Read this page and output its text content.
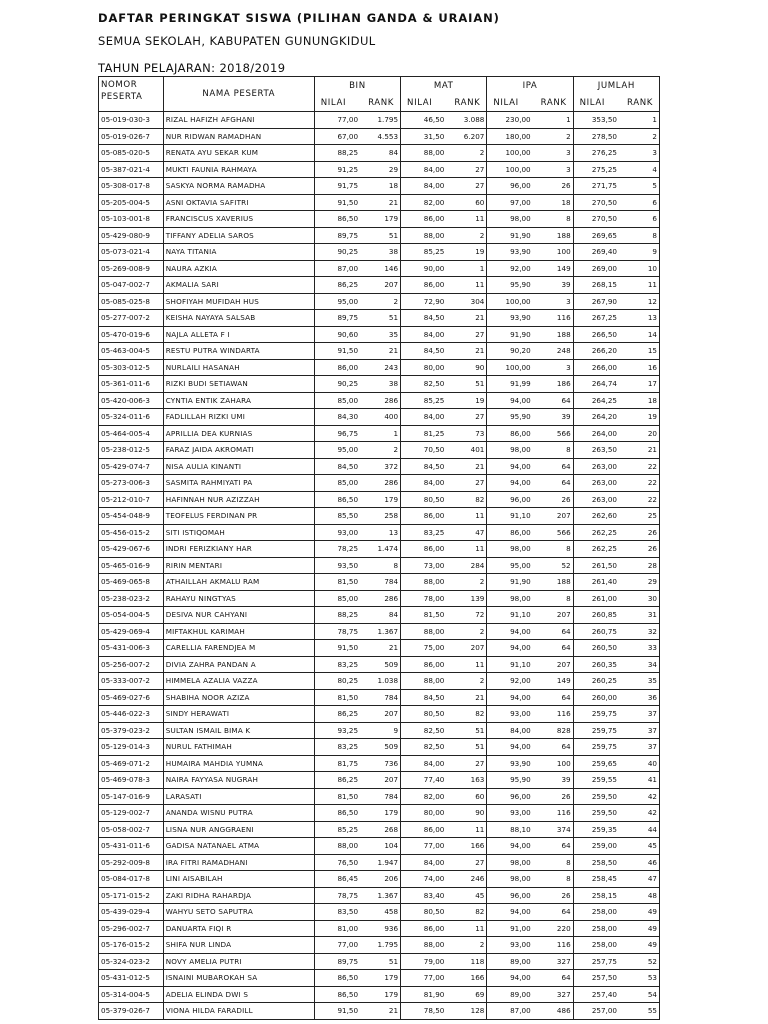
DAFTAR PERINGKAT SISWA (PILIHAN GANDA & URAIAN)
SEMUA SEKOLAH, KABUPATEN GUNUNGKIDUL
TAHUN PELAJARAN: 2018/2019
NOMOR
PESERTA	NAMA PESERTA	BIN	MAT	IPA	JUMLAH

		NILAI RANK	NILAI RANK	NILAI RANK	NILAI RANK

05-019-030-3	RIZAL HAFIZH AFGHANI	77,00 1.795	46,50 3.088	230,00 1	353,50 1

05-019-026-7	NUR RIDWAN RAMADHAN	67,00 4.553	31,50 6.207	180,00 2	278,50 2

05-085-020-5	RENATA AYU SEKAR KUM	88,25 84	88,00 2	100,00 3	276,25 3

05-387-021-4	MUKTI FAUNIA RAHMAYA	91,25 29	84,00 27	100,00 3	275,25 4

05-308-017-8	SASKYA NORMA RAMADHA	91,75 18	84,00 27	96,00 26	271,75 5

05-205-004-5	ASNI OKTAVIA SAFITRI	91,50 21	82,00 60	97,00 18	270,50 6

05-103-001-8	FRANCISCUS XAVERIUS	86,50 179	86,00 11	98,00 8	270,50 6

05-429-080-9	TIFFANY ADELIA SAROS	89,75 51	88,00 2	91,90 188	269,65 8

05-073-021-4	NAYA TITANIA	90,25 38	85,25 19	93,90 100	269,40 9

05-269-008-9	NAURA AZKIA	87,00 146	90,00 1	92,00 149	269,00 10

05-047-002-7	AKMALIA SARI	86,25 207	86,00 11	95,90 39	268,15 11

05-085-025-8	SHOFIYAH MUFIDAH HUS	95,00 2	72,90 304	100,00 3	267,90 12

05-277-007-2	KEISHA NAYAYA SALSAB	89,75 51	84,50 21	93,90 116	267,25 13

05-470-019-6	NAJLA ALLETA F I	90,60 35	84,00 27	91,90 188	266,50 14

05-463-004-5	RESTU PUTRA WINDARTA	91,50 21	84,50 21	90,20 248	266,20 15

05-303-012-5	NURLAILI HASANAH	86,00 243	80,00 90	100,00 3	266,00 16

05-361-011-6	RIZKI BUDI SETIAWAN	90,25 38	82,50 51	91,99 186	264,74 17

05-420-006-3	CYNTIA ENTIK ZAHARA	85,00 286	85,25 19	94,00 64	264,25 18

05-324-011-6	FADLILLAH RIZKI UMI	84,30 400	84,00 27	95,90 39	264,20 19

05-464-005-4	APRILLIA DEA KURNIAS	96,75 1	81,25 73	86,00 566	264,00 20

05-238-012-5	FARAZ JAIDA AKROMATI	95,00 2	70,50 401	98,00 8	263,50 21

05-429-074-7	NISA AULIA KINANTI	84,50 372	84,50 21	94,00 64	263,00 22

05-273-006-3	SASMITA RAHMIYATI PA	85,00 286	84,00 27	94,00 64	263,00 22

05-212-010-7	HAFINNAH NUR AZIZZAH	86,50 179	80,50 82	96,00 26	263,00 22

05-454-048-9	TEOFELUS FERDINAN PR	85,50 258	86,00 11	91,10 207	262,60 25

05-456-015-2	SITI ISTIQOMAH	93,00 13	83,25 47	86,00 566	262,25 26

05-429-067-6	INDRI FERIZKIANY HAR	78,25 1.474	86,00 11	98,00 8	262,25 26

05-465-016-9	RIRIN MENTARI	93,50 8	73,00 284	95,00 52	261,50 28

05-469-065-8	ATHAILLAH AKMALU RAM	81,50 784	88,00 2	91,90 188	261,40 29

05-238-023-2	RAHAYU NINGTYAS	85,00 286	78,00 139	98,00 8	261,00 30

05-054-004-5	DESIVA NUR CAHYANI	88,25 84	81,50 72	91,10 207	260,85 31

05-429-069-4	MIFTAKHUL KARIMAH	78,75 1.367	88,00 2	94,00 64	260,75 32

05-431-006-3	CARELLIA FARENDJEA M	91,50 21	75,00 207	94,00 64	260,50 33

05-256-007-2	DIVIA ZAHRA PANDAN A	83,25 509	86,00 11	91,10 207	260,35 34

05-333-007-2	HIMMELA AZALIA VAZZA	80,25 1.038	88,00 2	92,00 149	260,25 35

05-469-027-6	SHABIHA NOOR AZIZA	81,50 784	84,50 21	94,00 64	260,00 36

05-446-022-3	SINDY HERAWATI	86,25 207	80,50 82	93,00 116	259,75 37

05-379-023-2	SULTAN ISMAIL BIMA K	93,25 9	82,50 51	84,00 828	259,75 37

05-129-014-3	NURUL FATHIMAH	83,25 509	82,50 51	94,00 64	259,75 37

05-469-071-2	HUMAIRA MAHDIA YUMNA	81,75 736	84,00 27	93,90 100	259,65 40

05-469-078-3	NAIRA FAYYASA NUGRAH	86,25 207	77,40 163	95,90 39	259,55 41

05-147-016-9	LARASATI	81,50 784	82,00 60	96,00 26	259,50 42

05-129-002-7	ANANDA WISNU PUTRA	86,50 179	80,00 90	93,00 116	259,50 42

05-058-002-7	LISNA NUR ANGGRAENI	85,25 268	86,00 11	88,10 374	259,35 44

05-431-011-6	GADISA NATANAEL ATMA	88,00 104	77,00 166	94,00 64	259,00 45

05-292-009-8	IRA FITRI RAMADHANI	76,50 1.947	84,00 27	98,00 8	258,50 46

05-084-017-8	LINI AISABILAH	86,45 206	74,00 246	98,00 8	258,45 47

05-171-015-2	ZAKI RIDHA RAHARDJA	78,75 1.367	83,40 45	96,00 26	258,15 48

05-439-029-4	WAHYU SETO SAPUTRA	83,50 458	80,50 82	94,00 64	258,00 49

05-296-002-7	DANUARTA FIQI R	81,00 936	86,00 11	91,00 220	258,00 49

05-176-015-2	SHIFA NUR LINDA	77,00 1.795	88,00 2	93,00 116	258,00 49

05-324-023-2	NOVY AMELIA PUTRI	89,75 51	79,00 118	89,00 327	257,75 52

05-431-012-5	ISNAINI MUBAROKAH SA	86,50 179	77,00 166	94,00 64	257,50 53

05-314-004-5	ADELIA ELINDA DWI S	86,50 179	81,90 69	89,00 327	257,40 54

05-379-026-7	VIONA HILDA FARADILL	91,50 21	78,50 128	87,00 486	257,00 55
